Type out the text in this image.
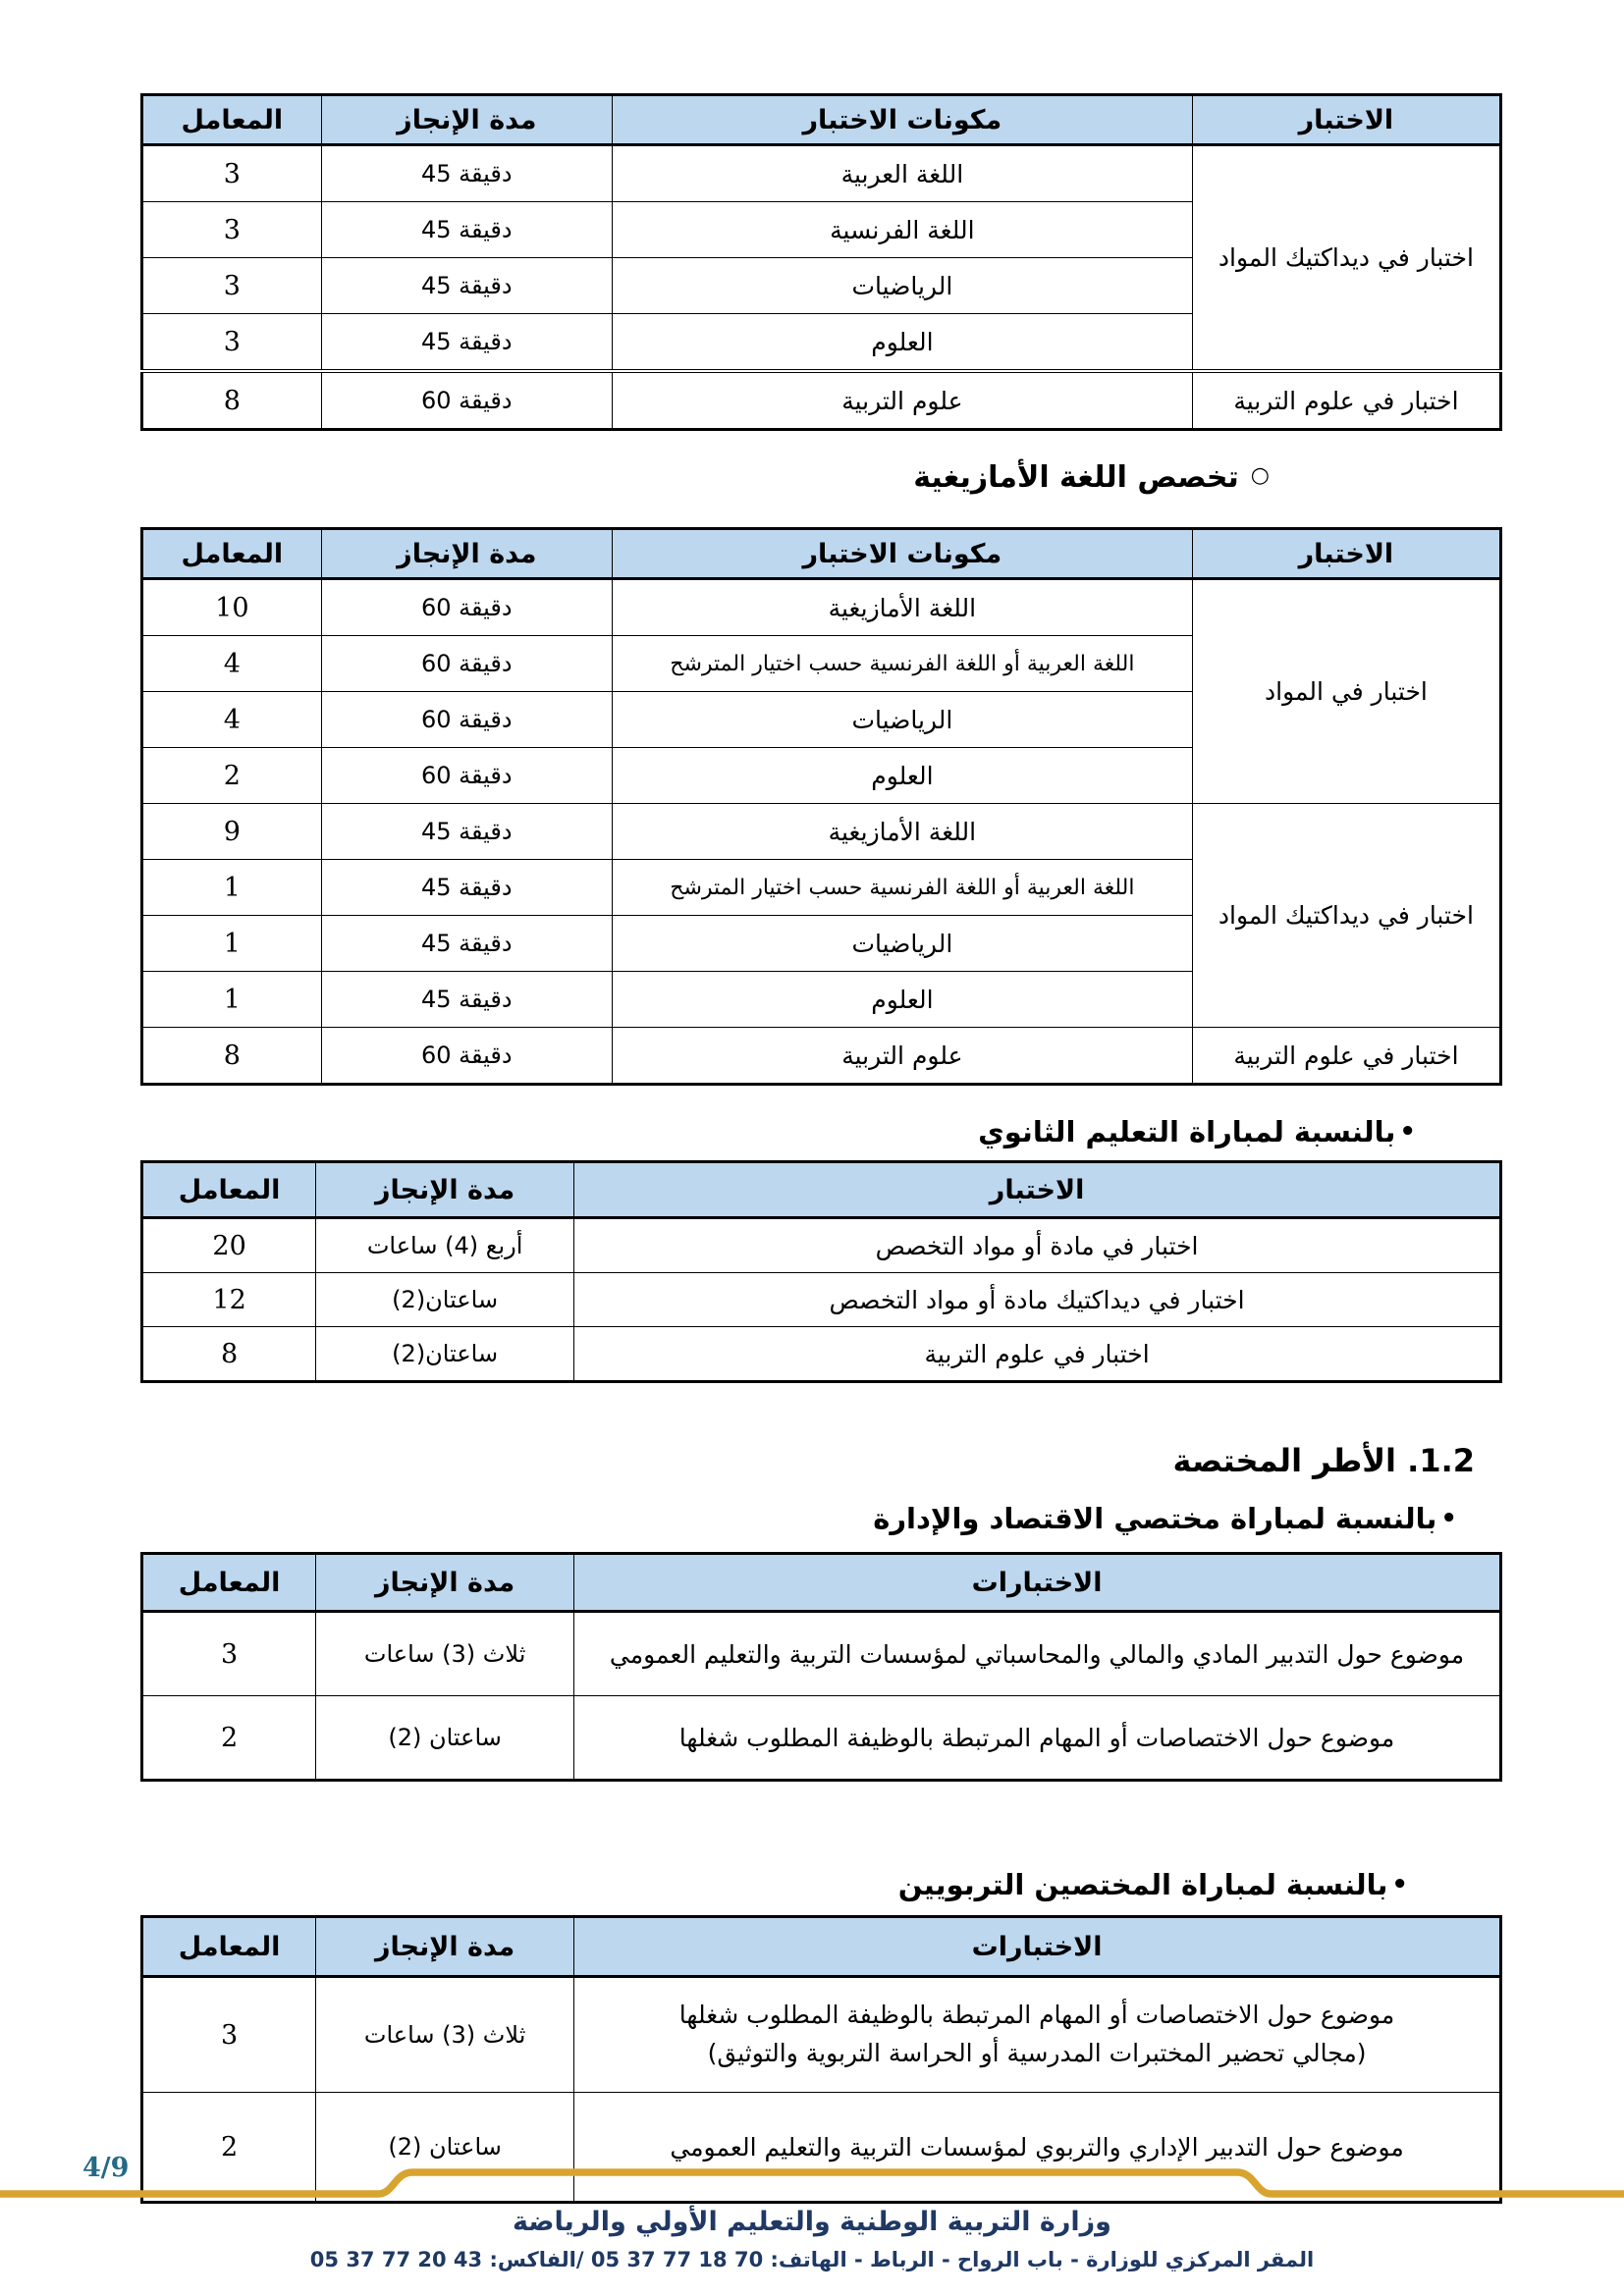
الاختبار	مكونات الاختبار	مدة الإنجاز	المعامل
اختبار في ديداكتيك المواد	اللغة العربية	45 دقيقة	3
	اللغة الفرنسية	45 دقيقة	3
	الرياضيات	45 دقيقة	3
	العلوم	45 دقيقة	3
اختبار في علوم التربية	علوم التربية	60 دقيقة	8
○
تخصص اللغة الأمازيغية
الاختبار	مكونات الاختبار	مدة الإنجاز	المعامل
اختبار في المواد	اللغة الأمازيغية	60 دقيقة	10
	اللغة العربية أو اللغة الفرنسية حسب اختيار المترشح	60 دقيقة	4
	الرياضيات	60 دقيقة	4
	العلوم	60 دقيقة	2
اختبار في ديداكتيك المواد	اللغة الأمازيغية	45 دقيقة	9
	اللغة العربية أو اللغة الفرنسية حسب اختيار المترشح	45 دقيقة	1
	الرياضيات	45 دقيقة	1
	العلوم	45 دقيقة	1
اختبار في علوم التربية	علوم التربية	60 دقيقة	8
•
بالنسبة لمباراة التعليم الثانوي
الاختبار	مدة الإنجاز	المعامل
اختبار في مادة أو مواد التخصص	أربع (4) ساعات	20
اختبار في ديداكتيك مادة أو مواد التخصص	ساعتان(2)	12
اختبار في علوم التربية	ساعتان(2)	8
1.2. الأطر المختصة
•
بالنسبة لمباراة مختصي الاقتصاد والإدارة
الاختبارات	مدة الإنجاز	المعامل
موضوع حول التدبير المادي والمالي والمحاسباتي لمؤسسات التربية والتعليم العمومي	ثلاث (3) ساعات	3
موضوع حول الاختصاصات أو المهام المرتبطة بالوظيفة المطلوب شغلها	ساعتان (2)	2
•
بالنسبة لمباراة المختصين التربويين
الاختبارات	مدة الإنجاز	المعامل

موضوع حول الاختصاصات أو المهام المرتبطة بالوظيفة المطلوب شغلها
(مجالي تحضير المختبرات المدرسية أو الحراسة التربوية والتوثيق)	ثلاث (3) ساعات	3
موضوع حول التدبير الإداري والتربوي لمؤسسات التربية والتعليم العمومي	ساعتان (2)	2
4/9
وزارة التربية الوطنية والتعليم الأولي والرياضة
المقر المركزي للوزارة - باب الرواح - الرباط - الهاتف: 05 37 77 18 70 /الفاكس: 05 37 77 20 43
